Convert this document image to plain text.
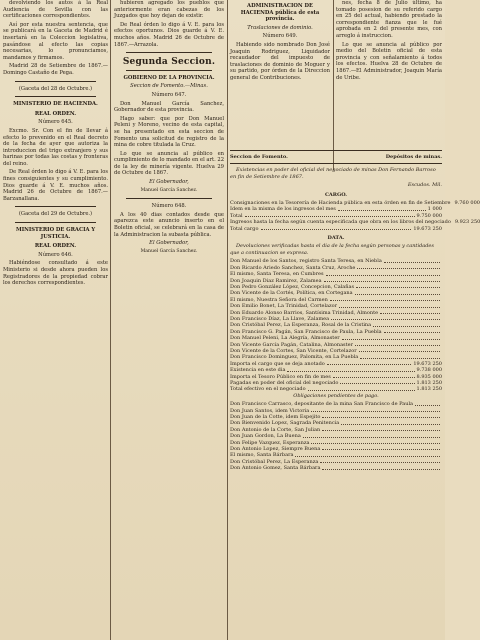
devolviendo los autos á la Real Audiencia de Sevilla con las certificaciones correspondientes.

Así por esta nuestra sentencia, que se publicará en la Gaceta de Madrid é insertará en la Coleccion legislativa, pasándose al efecto las copias necesarias, lo pronunciamos, mandamos y firmamos.

Madrid 28 de Setiembre de 1867.—Domingo Castaño de Pega.

(Gaceta del 28 de Octubre.)

MINISTERIO DE HACIENDA.

REAL ORDEN.

Número 645.

Excmo. Sr. Con el fin de llevar á efecto lo prevenido en el Real decreto de la fecha de ayer que autoriza la introduccion del trigo extranjero y sus harinas por todas las costas y fronteras del reino.

De Real órden lo digo á V. E. para los fines consiguientes y su cumplimiento. Dios guarde á V. E. muchos años. Madrid 26 de Octubre de 1867.—Barzanallana.

(Gaceta del 29 de Octubre.)

MINISTERIO DE GRACIA Y JUSTICIA.

REAL ORDEN.

Número 646.

Habiéndose consultado á este Ministerio si desde ahora pueden los Registradores de la propiedad cobrar los derechos correspondientes.

hubieren agregado los pueblos que anteriormente eran cabezas de los Juzgados que hoy dejan de existir.

De Real órden lo digo á V. E. para los efectos oportunos. Dios guarde á V. E. muchos años. Madrid 26 de Octubre de 1867.—Arrazola.

Segunda Seccion.

GOBIERNO DE LA PROVINCIA.

Seccion de Fomento.—Minas.

Número 647.

Don Manuel García Sanchez, Gobernador de esta provincia.

Hago saber: que por Don Manuel Peleni y Moreno, vecino de esta capital, se ha presentado en esta seccion de Fomento una solicitud de registro de la mina de cobre titulada la Cruz.

Lo que se anuncia al público en cumplimiento de lo mandado en el art. 22 de la ley de minería vigente. Huelva 29 de Octubre de 1867.

El Gobernador,

Manuel García Sanchez.

Número 648.

A los 40 dias contados desde que aparezca este anuncio inserto en el Boletin oficial, se celebrará en la casa de la Administracion la subasta pública.

El Gobernador,

Manuel García Sanchez.

ADMINISTRACION DE HACIENDA pública de esta provincia.

Traslaciones de dominio.

Número 649.

Habiendo sido nombrado Don José Joaquin Rodriguez, Liquidador recaudador del impuesto de traslaciones de dominio de Moguer y su partido, por órden de la Direccion general de Contribuciones.

nes, fecha 8 de Julio último, ha tomado posesion de su referido cargo en 25 del actual, habiendo prestado la correspondiente fianza que le fué aprobada en 2 del presente mes, con arreglo á instruccion.

Lo que se anuncia al público por medio del Boletin oficial de esta provincia y con señalamiento á todos los efectos. Huelva 28 de Octubre de 1867.—El Administrador, Joaquin María de Uribe.

Seccion de Fomento.	Depósitos de minas.

Existencias en poder del oficial del negociado de minas Don Fernando Barroso en fin de Setiembre de 1867.

Escudos. Mil.

CARGO.

Consignaciones en la Tesorería de Hacienda pública en esta órden en fin de Setiembre 9.760 000
Idem en la misma de los ingresos del mes	1 000
Total	9.750 000
Ingresos hasta la fecha según cuenta especificada que obra en los libros del negociado 9.923 250
Total cargo	19.673 250

DATA.

Devoluciones verificadas hasta el dia de la fecha según personas y cantidades que a continuacion se expresa.

Don Manuel de los Santos, registro Santa Teresa, en Niebla
Don Ricardo Ariedo Sanchez, Santa Cruz, Aroche
El mismo, Santa Teresa, en Cumbres
Don Joaquin Diaz Ramirez, Zalamea
Don Pedro González López, Concepcion, Calañas
Don Vicente de la Cortés, Política, en Cortegana
El mismo, Nuestra Señora del Carmen
Don Emilio Bonet, La Trinidad, Cortelazor
Don Eduardo Alonso Barrios, Santísima Trinidad, Almonte
Don Francisco Díaz, La Llave, Zalamea
Don Cristóbal Perez, La Esperanza, Rosal de la Cristina
Don Francisco G. Pagán, San Francisco de Paula, La Puebla
Don Manuel Peleni, La Alegría, Almonaster
Don Vicente García Pagán, Catalina, Almonaster
Don Vicente de la Cortes, San Vicente, Cortelazor
Don Francisco Dominguez, Palomita, en La Puebla
Importa el cargo que se deja anotado	19.673 250
Existencia en este dia	9.738 000
Importa el Tesoro Público en fin de mes	8.935 000
Pagadas en poder del oficial del negociado	1.813 250
Total efectivo en el negociado	1.813 250

Obligaciones pendientes de pago.

Don Francisco Carrasco, depositante de la mina San Francisco de Paula
Don Juan Santos, idem Victoria
Don Juan de la Cotte, idem Espejito
Don Bienvenido Lopez, Sagrada Penitencia
Don Antonio de la Corte, San Julian
Don Juan Gordon, La Buena
Don Felipe Vazquez, Esperanza
Don Antonio Lopez, Siempre Buena
El mismo, Santa Bárbara
Don Cristóbal Perez, La Esperanza
Don Antonio Gomez, Santa Bárbara
